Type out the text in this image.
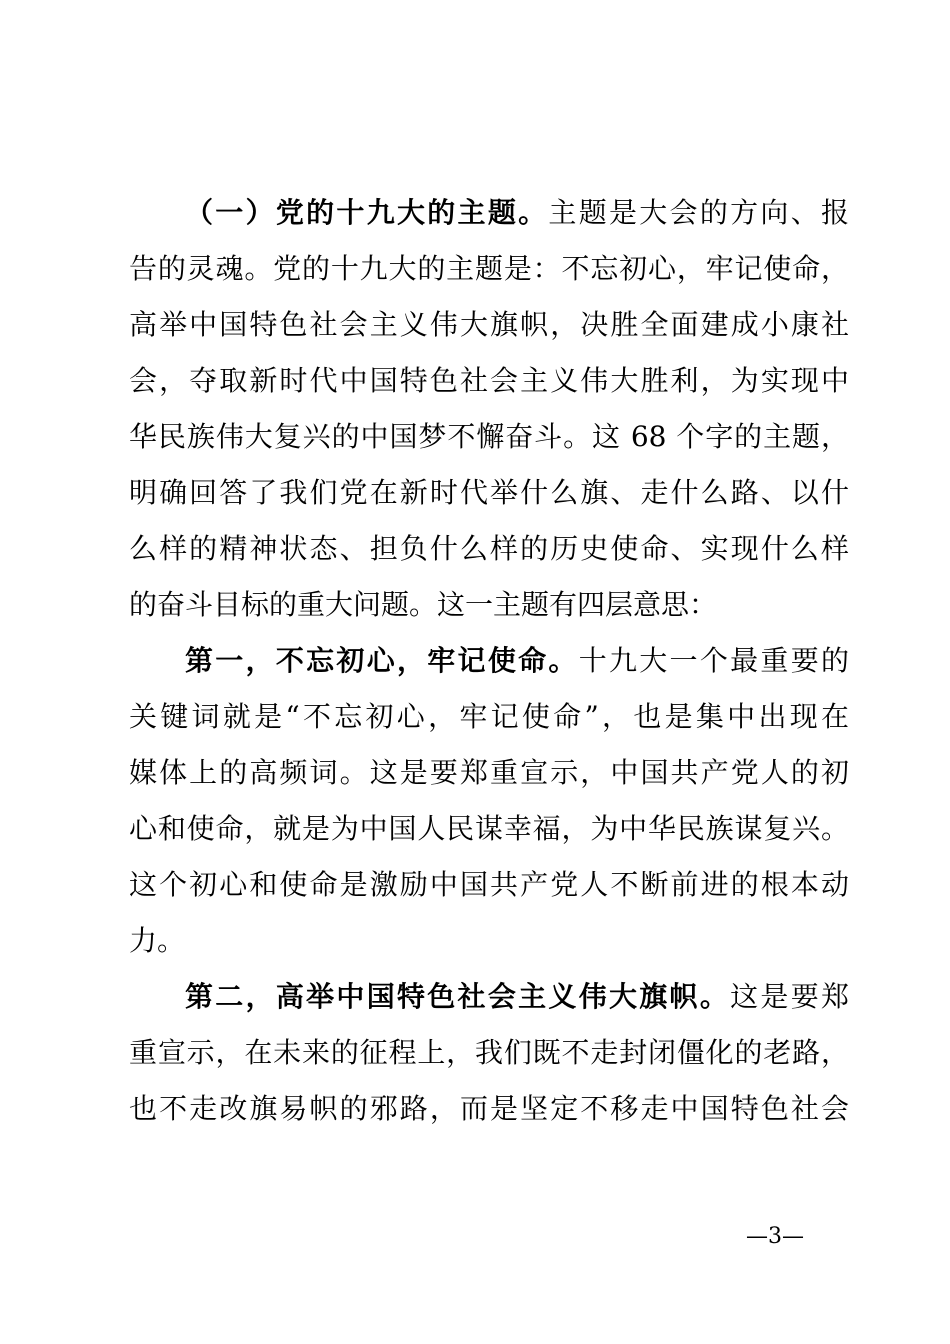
（一）党的十九大的主题。主题是大会的方向、报
告的灵魂。党的十九大的主题是：不忘初心，牢记使命，
高举中国特色社会主义伟大旗帜，决胜全面建成小康社
会，夺取新时代中国特色社会主义伟大胜利，为实现中
华民族伟大复兴的中国梦不懈奋斗。这 68 个字的主题，
明确回答了我们党在新时代举什么旗、走什么路、以什
么样的精神状态、担负什么样的历史使命、实现什么样
的奋斗目标的重大问题。这一主题有四层意思：
第一，不忘初心，牢记使命。十九大一个最重要的
关键词就是“不忘初心，牢记使命”，也是集中出现在
媒体上的高频词。这是要郑重宣示，中国共产党人的初
心和使命，就是为中国人民谋幸福，为中华民族谋复兴。
这个初心和使命是激励中国共产党人不断前进的根本动
力。
第二，高举中国特色社会主义伟大旗帜。这是要郑
重宣示，在未来的征程上，我们既不走封闭僵化的老路，
也不走改旗易帜的邪路，而是坚定不移走中国特色社会
—3—
